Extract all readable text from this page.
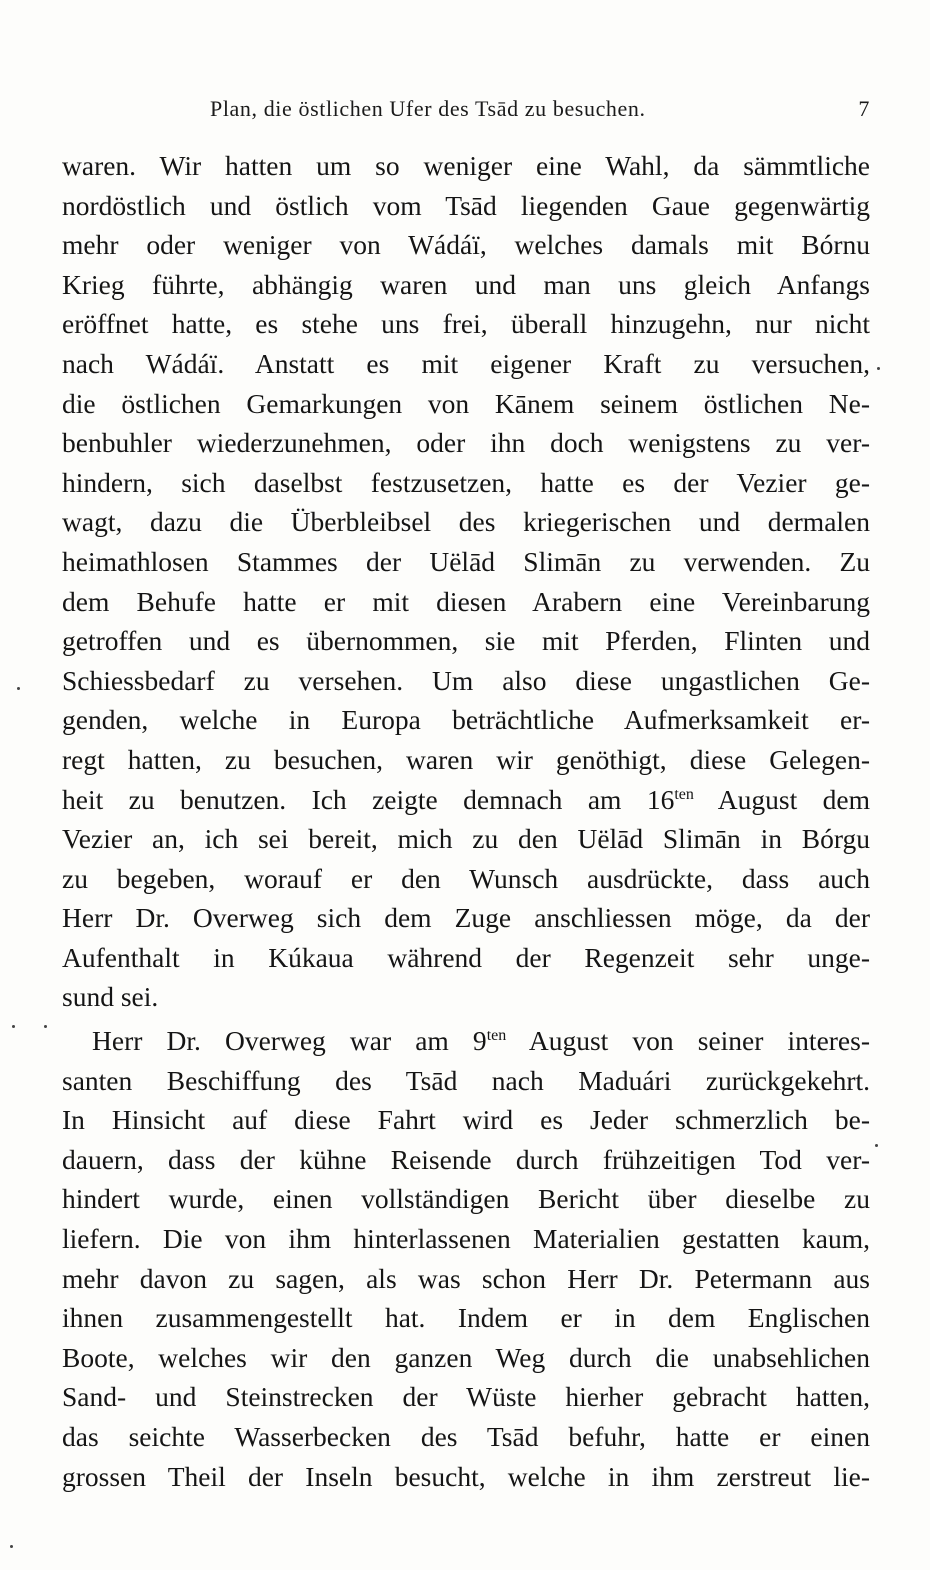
Plan, die östlichen Ufer des Tsād zu besuchen.	7
waren. Wir hatten um so weniger eine Wahl, da sämmtliche
nordöstlich und östlich vom Tsād liegenden Gaue gegenwärtig
mehr oder weniger von Wádáï, welches damals mit Bórnu
Krieg führte, abhängig waren und man uns gleich Anfangs
eröffnet hatte, es stehe uns frei, überall hinzugehn, nur nicht
nach Wádáï. Anstatt es mit eigener Kraft zu versuchen,
die östlichen Gemarkungen von Kānem seinem östlichen Ne-
benbuhler wiederzunehmen, oder ihn doch wenigstens zu ver-
hindern, sich daselbst festzusetzen, hatte es der Vezier ge-
wagt, dazu die Überbleibsel des kriegerischen und dermalen
heimathlosen Stammes der Uëlād Slimān zu verwenden. Zu
dem Behufe hatte er mit diesen Arabern eine Vereinbarung
getroffen und es übernommen, sie mit Pferden, Flinten und
Schiessbedarf zu versehen. Um also diese ungastlichen Ge-
genden, welche in Europa beträchtliche Aufmerksamkeit er-
regt hatten, zu besuchen, waren wir genöthigt, diese Gelegen-
heit zu benutzen. Ich zeigte demnach am $16^{ten}$ August dem
Vezier an, ich sei bereit, mich zu den Uëlād Slimān in Bórgu
zu begeben, worauf er den Wunsch ausdrückte, dass auch
Herr Dr. Overweg sich dem Zuge anschliessen möge, da der
Aufenthalt in Kúkaua während der Regenzeit sehr unge-
sund sei.
Herr Dr. Overweg war am $9^{ten}$ August von seiner interes-
santen Beschiffung des Tsād nach Maduári zurückgekehrt.
In Hinsicht auf diese Fahrt wird es Jeder schmerzlich be-
dauern, dass der kühne Reisende durch frühzeitigen Tod ver-
hindert wurde, einen vollständigen Bericht über dieselbe zu
liefern. Die von ihm hinterlassenen Materialien gestatten kaum,
mehr davon zu sagen, als was schon Herr Dr. Petermann aus
ihnen zusammengestellt hat. Indem er in dem Englischen
Boote, welches wir den ganzen Weg durch die unabsehlichen
Sand- und Steinstrecken der Wüste hierher gebracht hatten,
das seichte Wasserbecken des Tsād befuhr, hatte er einen
grossen Theil der Inseln besucht, welche in ihm zerstreut lie-
